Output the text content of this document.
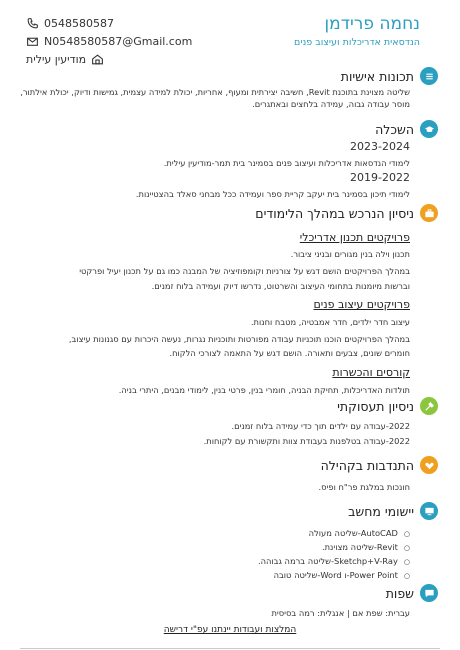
נחמה פרידמן
הנדסאית אדריכלות ועיצוב פנים
0548580587
N0548580587@Gmail.com
מודיעין עילית
תכונות אישיות
שליטה מצוינת בתוכנת Revit, חשיבה יצירתית ומעוף, אחריות, יכולת למידה עצמית, גמישות ודיוק, יכולת אילתור, מוסר עבודה גבוה, עמידה בלחצים ובאתגרים.
השכלה
2023-2024
לימודי הנדסאות אדריכלות ועיצוב פנים בסמינר בית תמר-מודיעין עילית.
2019-2022
לימודי תיכון בסמינר בית יעקב קריית ספר ועמידה ככל מבחני סאלד בהצטיינות.
ניסיון הנרכש במהלך הלימודים
פרויקטים תכנון אדריכלי
תכנון וילה בנין מגורים ובניני ציבור.
במהלך הפרויקטים הושם דגש על צורניות וקומפוזיציה של המבנה כמו גם על תכנון יעיל ופרקטי
וברשות מיומנות בתחומי העיצוב והשרטוט, נדרשו דיוק ועמידה בלוח זמנים.
פרויקטים עיצוב פנים
עיצוב חדר ילדים, חדר אמבטיה, מטבח וחנות.
במהלך הפרויקטים הוכנו תוכניות עבודה מפורטות ותוכניות נגרות, נעשה היכרות עם סגנונות עיצוב,
חומרים שונים, צבעים ותאורה. הושם דגש על התאמה לצורכי הלקוח.
קורסים והכשרות
תולדות האדריכלות, תחיקת הבניה, חומרי בנין, פרטי בנין, לימודי מבנים, היתרי בניה.
ניסיון תעסוקתי
2022-עבודה עם ילדים תוך כדי עמידה בלוח זמנים.
2022-עבודה בטלפנות בעבודת צוות ותקשורת עם לקוחות.
התנדבות בקהילה
חונכות במלגת פר"ח ופיס.
יישומי מחשב
○ AutoCAD-שליטה מעולה
○ Revit-שליטה מצוינת.
○ Sketchp+V-Ray-שליטה ברמה גבוהה.
○ Power Point-ו Word-שליטה טובה
שפות
עברית: שפת אם | אנגלית: רמה בסיסית
המלצות ועבודות יינתנו עפ"י דרישה
